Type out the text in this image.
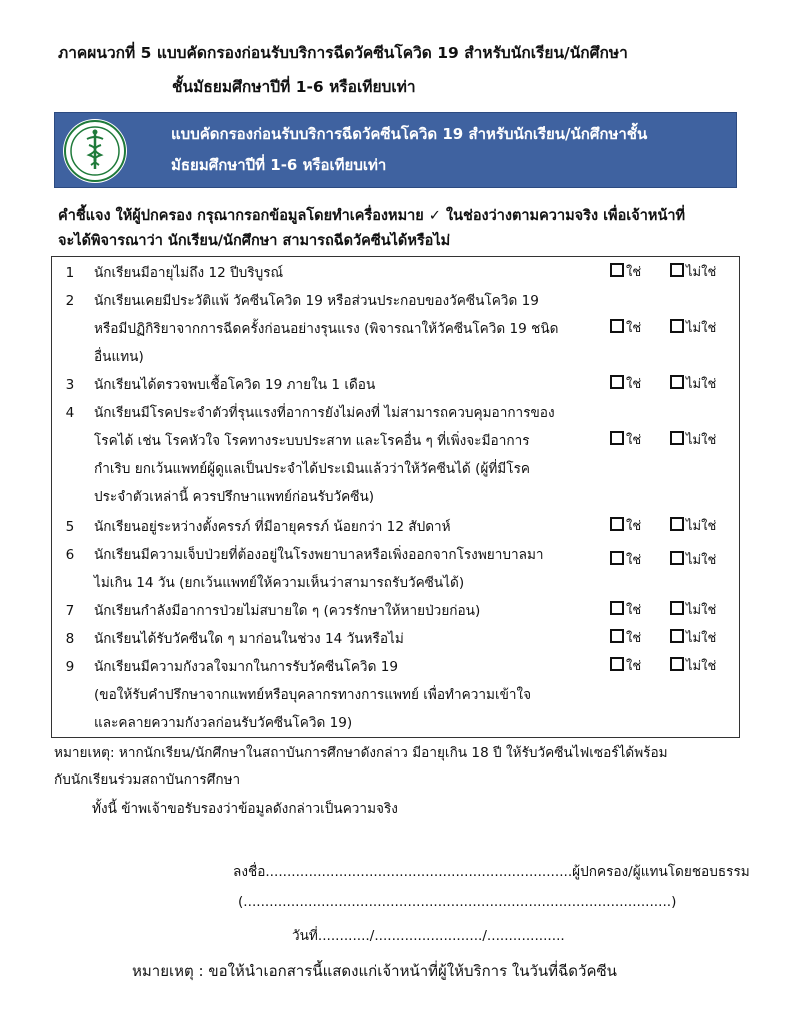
ภาคผนวกที่ 5 แบบคัดกรองก่อนรับบริการฉีดวัคซีนโควิด 19 สำหรับนักเรียน/นักศึกษา
ชั้นมัธยมศึกษาปีที่ 1-6 หรือเทียบเท่า
แบบคัดกรองก่อนรับบริการฉีดวัคซีนโควิด 19 สำหรับนักเรียน/นักศึกษาชั้น
มัธยมศึกษาปีที่ 1-6 หรือเทียบเท่า
คำชี้แจง ให้ผู้ปกครอง กรุณากรอกข้อมูลโดยทำเครื่องหมาย ✓ ในช่องว่างตามความจริง เพื่อเจ้าหน้าที่
จะได้พิจารณาว่า นักเรียน/นักศึกษา สามารถฉีดวัคซีนได้หรือไม่
1 นักเรียนมีอายุไม่ถึง 12 ปีบริบูรณ์	ใช่	ไม่ใช่
2 นักเรียนเคยมีประวัติแพ้ วัคซีนโควิด 19 หรือส่วนประกอบของวัคซีนโควิด 19
หรือมีปฏิกิริยาจากการฉีดครั้งก่อนอย่างรุนแรง (พิจารณาให้วัคซีนโควิด 19 ชนิด
อื่นแทน)
ใช่	ไม่ใช่
3 นักเรียนได้ตรวจพบเชื้อโควิด 19 ภายใน 1 เดือน	ใช่	ไม่ใช่
4 นักเรียนมีโรคประจำตัวที่รุนแรงที่อาการยังไม่คงที่ ไม่สามารถควบคุมอาการของ
โรคได้ เช่น โรคหัวใจ โรคทางระบบประสาท และโรคอื่น ๆ ที่เพิ่งจะมีอาการ
กำเริบ ยกเว้นแพทย์ผู้ดูแลเป็นประจำได้ประเมินแล้วว่าให้วัคซีนได้ (ผู้ที่มีโรค
ประจำตัวเหล่านี้ ควรปรึกษาแพทย์ก่อนรับวัคซีน)
ใช่	ไม่ใช่
5 นักเรียนอยู่ระหว่างตั้งครรภ์ ที่มีอายุครรภ์ น้อยกว่า 12 สัปดาห์	ใช่	ไม่ใช่
6 นักเรียนมีความเจ็บป่วยที่ต้องอยู่ในโรงพยาบาลหรือเพิ่งออกจากโรงพยาบาลมา
ไม่เกิน 14 วัน (ยกเว้นแพทย์ให้ความเห็นว่าสามารถรับวัคซีนได้)
ใช่	ไม่ใช่
7 นักเรียนกำลังมีอาการป่วยไม่สบายใด ๆ (ควรรักษาให้หายป่วยก่อน)	ใช่	ไม่ใช่
8 นักเรียนได้รับวัคซีนใด ๆ มาก่อนในช่วง 14 วันหรือไม่	ใช่	ไม่ใช่
9 นักเรียนมีความกังวลใจมากในการรับวัคซีนโควิด 19
(ขอให้รับคำปรึกษาจากแพทย์หรือบุคลากรทางการแพทย์ เพื่อทำความเข้าใจ
และคลายความกังวลก่อนรับวัคซีนโควิด 19)
ใช่	ไม่ใช่
หมายเหตุ: หากนักเรียน/นักศึกษาในสถาบันการศึกษาดังกล่าว มีอายุเกิน 18 ปี ให้รับวัคซีนไฟเซอร์ได้พร้อม
กับนักเรียนร่วมสถาบันการศึกษา
ทั้งนี้ ข้าพเจ้าขอรับรองว่าข้อมูลดังกล่าวเป็นความจริง
ลงชื่อ.......................................................................ผู้ปกครอง/ผู้แทนโดยชอบธรรม
(...................................................................................................)
วันที่............/........................./..................
หมายเหตุ : ขอให้นำเอกสารนี้แสดงแก่เจ้าหน้าที่ผู้ให้บริการ ในวันที่ฉีดวัคซีน
